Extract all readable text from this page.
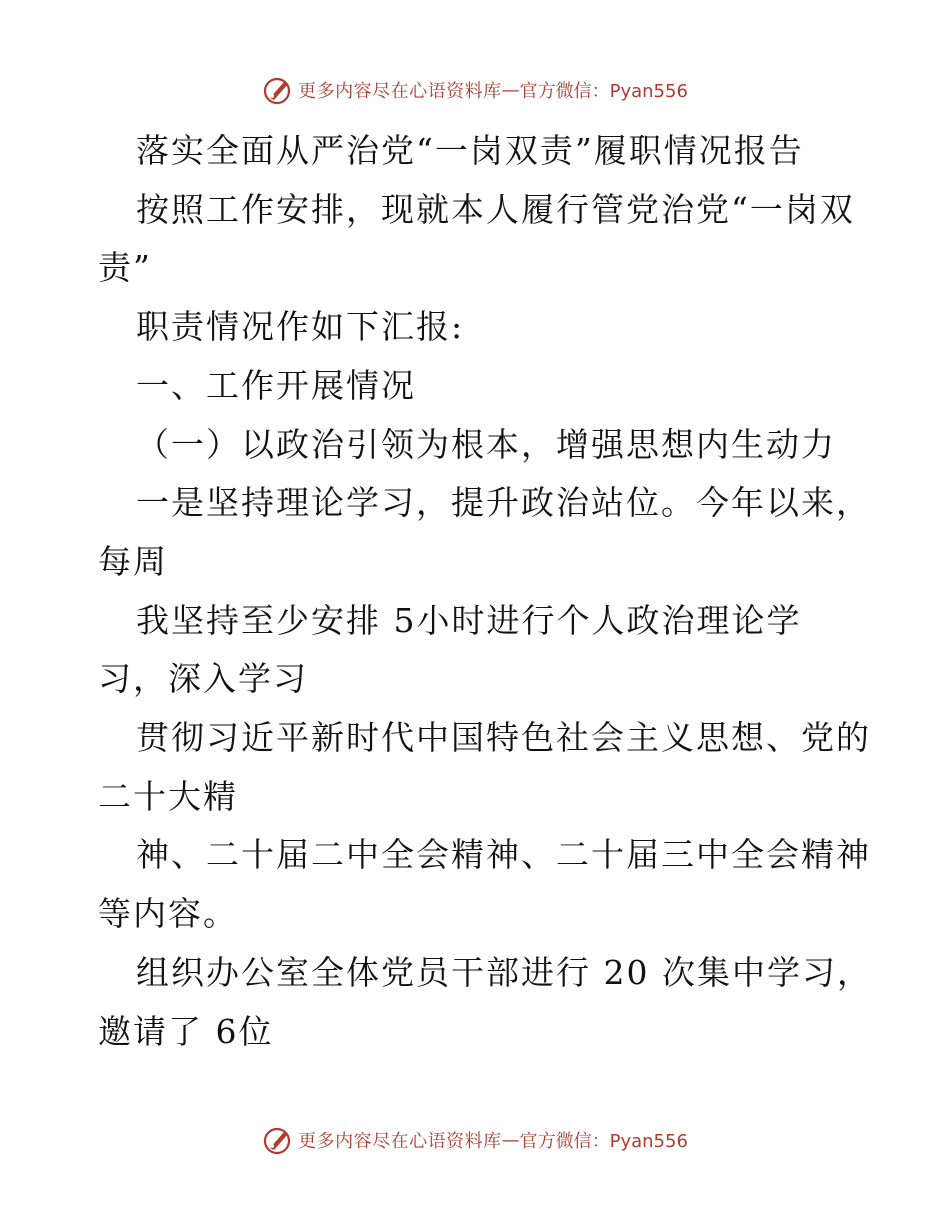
更多内容尽在心语资料库 — 官方微信：Pyan556
落实全面从严治党“一岗双责”履职情况报告
按照工作安排，现就本人履行管党治党“一岗双
责”
职责情况作如下汇报:
一、工作开展情况
（一）以政治引领为根本，增强思想内生动力
一是坚持理论学习，提升政治站位。今年以来，
每周
我坚持至少安排 5小时进行个人政治理论学
习，深入学习
贯彻习近平新时代中国特色社会主义思想、党的
二十大精
神、二十届二中全会精神、二十届三中全会精神
等内容。
组织办公室全体党员干部进行 20 次集中学习，
邀请了 6位
更多内容尽在心语资料库 — 官方微信：Pyan556
